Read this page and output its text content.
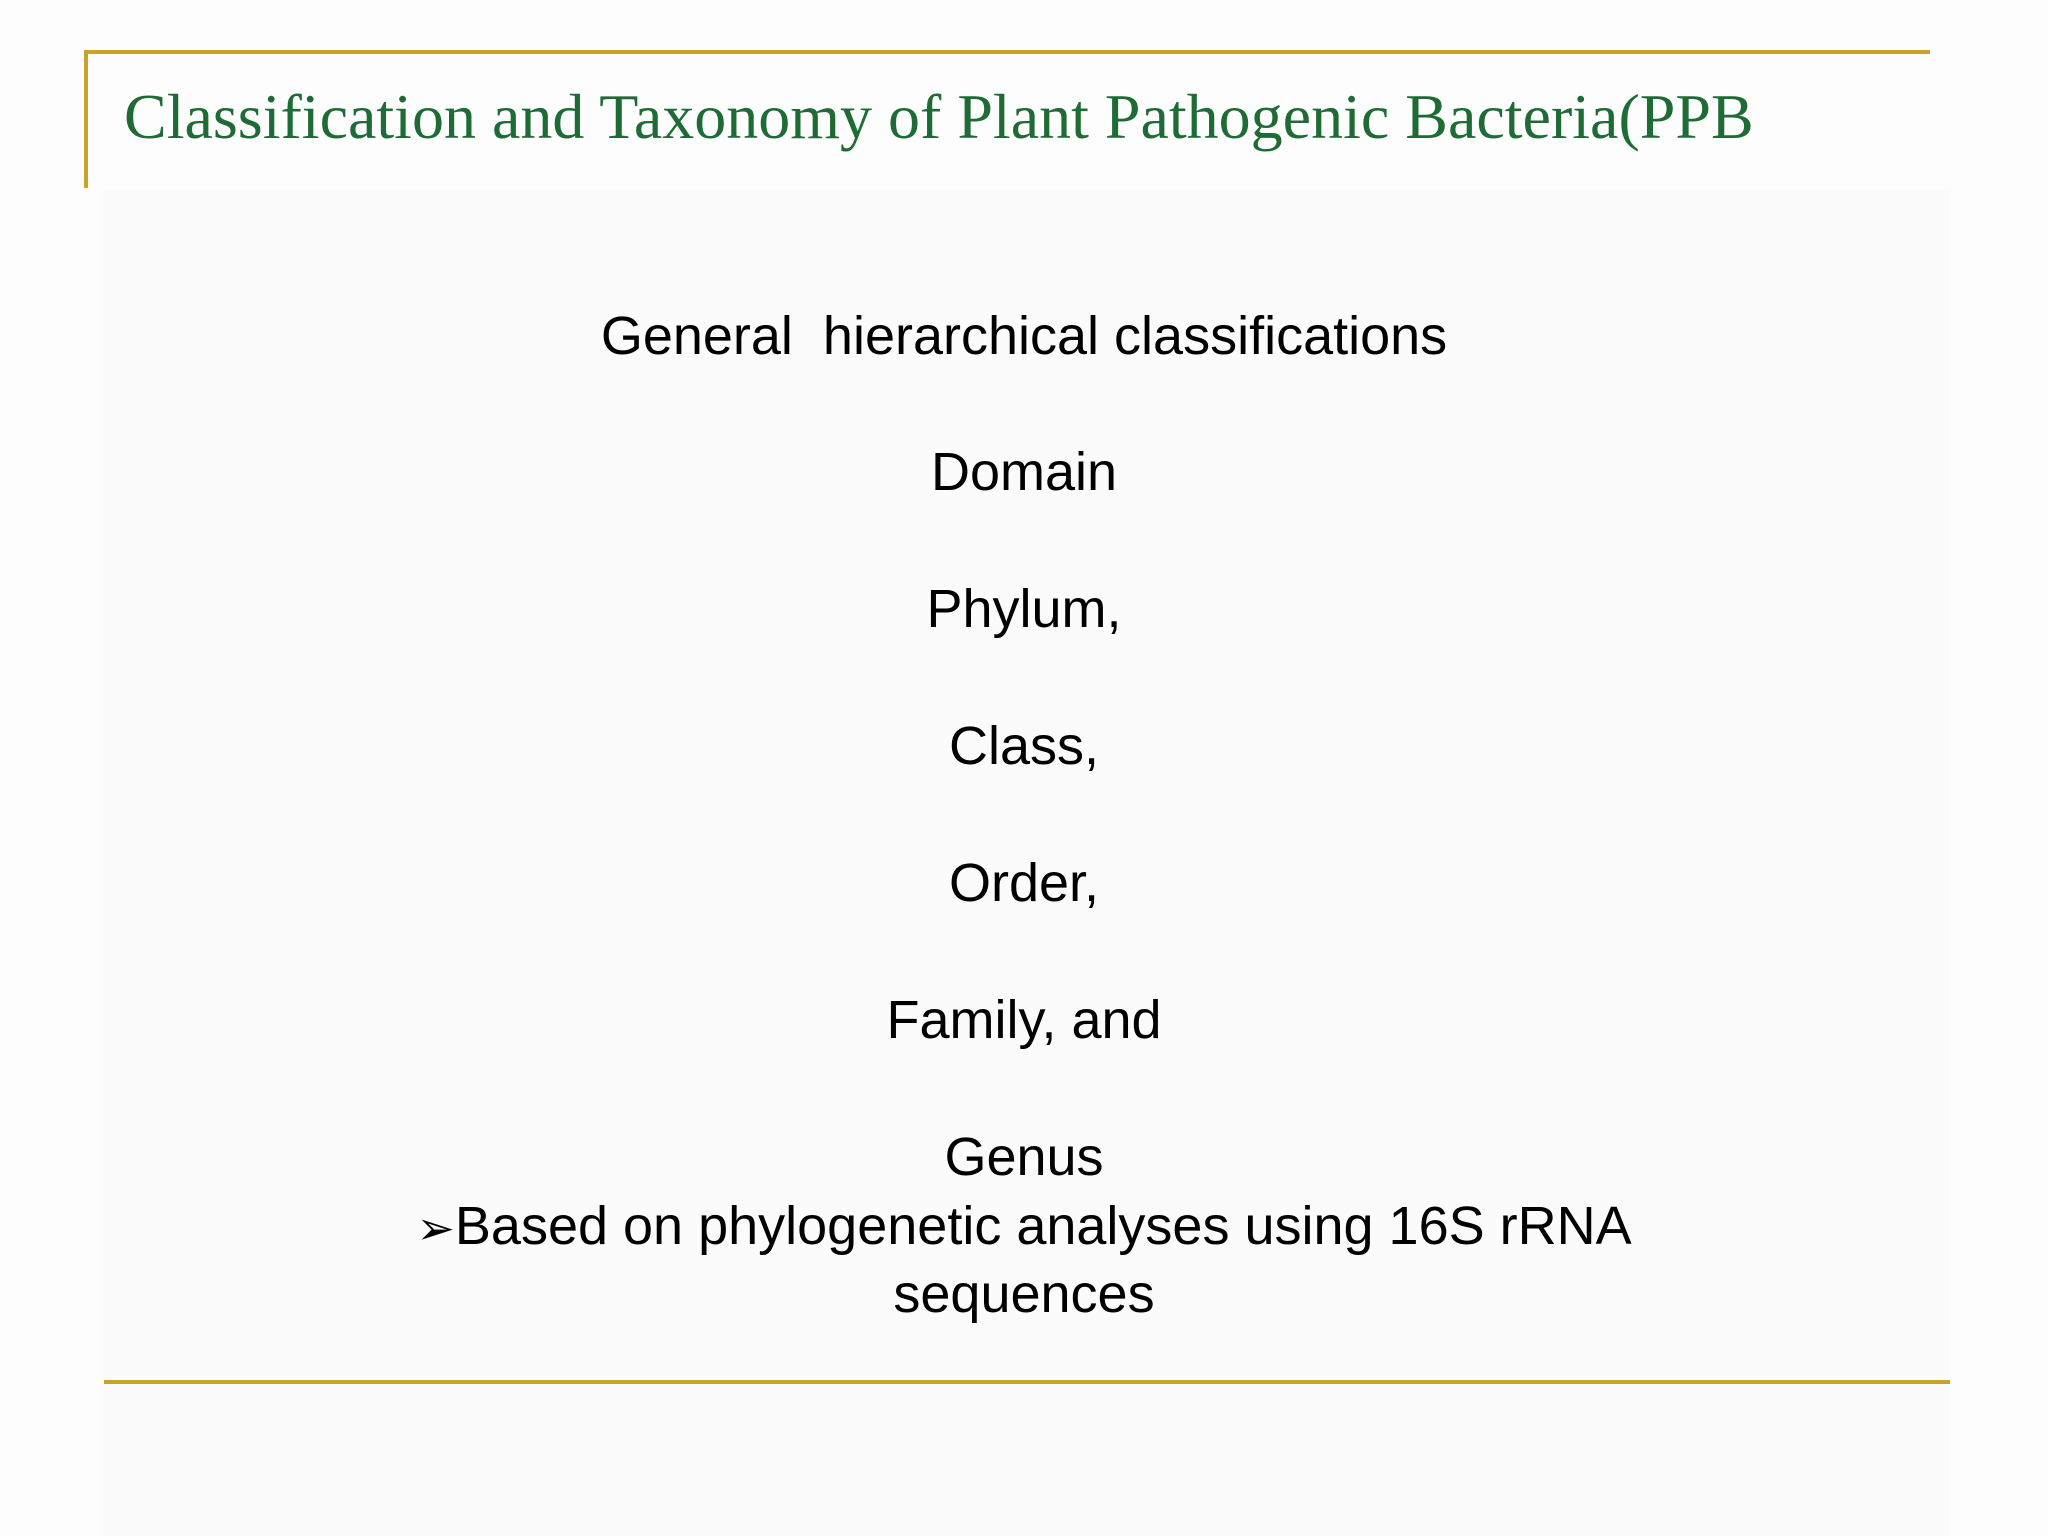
Classification and Taxonomy of Plant Pathogenic Bacteria(PPB

General  hierarchical classifications

Domain

Phylum,

Class,

Order,

Family, and

Genus

➢Based on phylogenetic analyses using 16S rRNA

sequences
